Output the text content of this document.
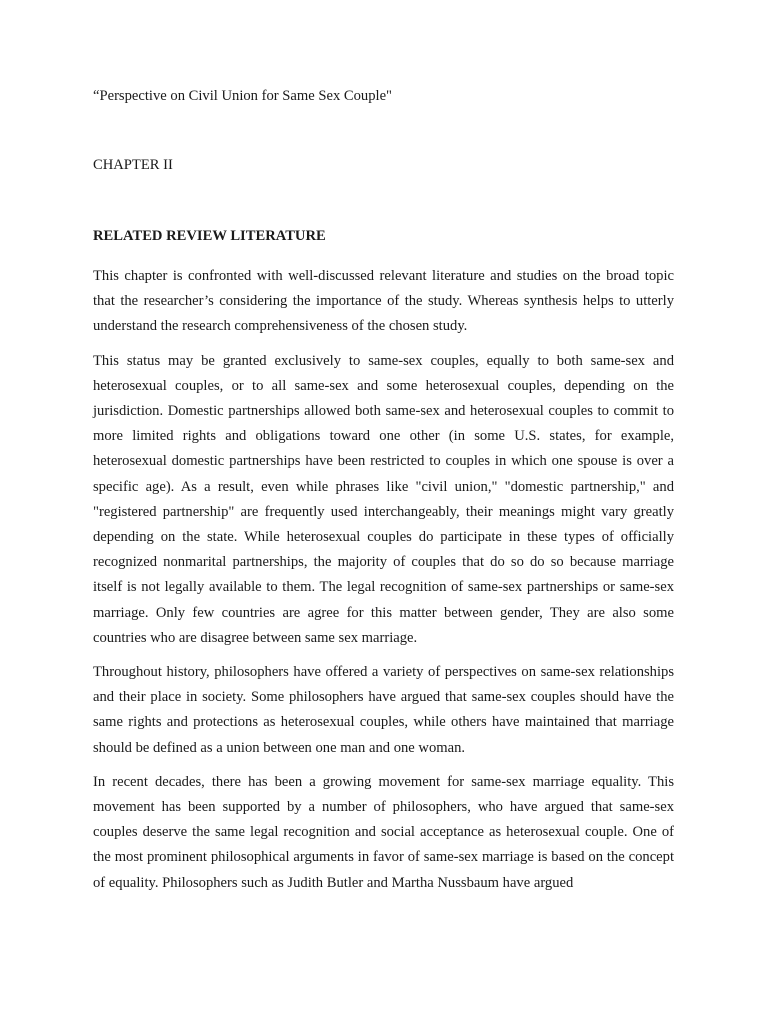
“Perspective on Civil Union for Same Sex Couple"

CHAPTER II

RELATED REVIEW LITERATURE

This chapter is confronted with well-discussed relevant literature and studies on the broad topic that the researcher’s considering the importance of the study. Whereas synthesis helps to utterly understand the research comprehensiveness of the chosen study.

This status may be granted exclusively to same-sex couples, equally to both same-sex and heterosexual couples, or to all same-sex and some heterosexual couples, depending on the jurisdiction. Domestic partnerships allowed both same-sex and heterosexual couples to commit to more limited rights and obligations toward one other (in some U.S. states, for example, heterosexual domestic partnerships have been restricted to couples in which one spouse is over a specific age). As a result, even while phrases like "civil union," "domestic partnership," and "registered partnership" are frequently used interchangeably, their meanings might vary greatly depending on the state. While heterosexual couples do participate in these types of officially recognized nonmarital partnerships, the majority of couples that do so do so because marriage itself is not legally available to them. The legal recognition of same-sex partnerships or same-sex marriage. Only few countries are agree for this matter between gender, They are also some countries who are disagree between same sex marriage.

Throughout history, philosophers have offered a variety of perspectives on same-sex relationships and their place in society. Some philosophers have argued that same-sex couples should have the same rights and protections as heterosexual couples, while others have maintained that marriage should be defined as a union between one man and one woman.

In recent decades, there has been a growing movement for same-sex marriage equality. This movement has been supported by a number of philosophers, who have argued that same-sex couples deserve the same legal recognition and social acceptance as heterosexual couple. One of the most prominent philosophical arguments in favor of same-sex marriage is based on the concept of equality. Philosophers such as Judith Butler and Martha Nussbaum have argued
